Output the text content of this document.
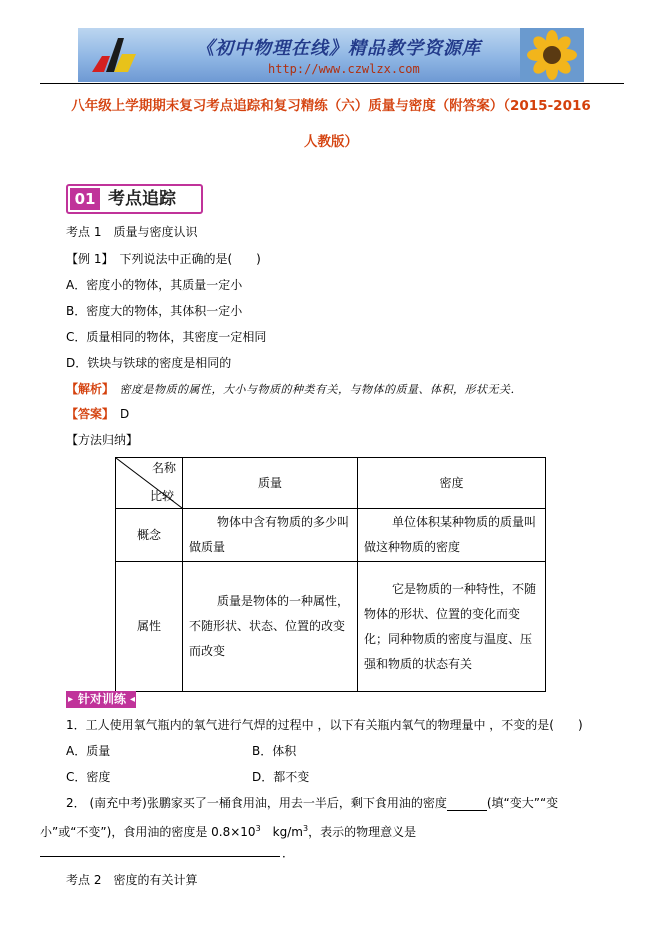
《初中物理在线》精品教学资源库
http://www.czwlzx.com
八年级上学期期末复习考点追踪和复习精练（六）质量与密度（附答案）（2015-2016
人教版）
01 考点追踪
考点 1　质量与密度认识
【例 1】　下列说法中正确的是(　　)
A．密度小的物体，其质量一定小
B．密度大的物体，其体积一定小
C．质量相同的物体，其密度一定相同
D．铁块与铁球的密度是相同的
【解析】　密度是物质的属性，大小与物质的种类有关，与物体的质量、体积，形状无关．
【答案】　D
【方法归纳】
名称
比较	质量	密度
概念	物体中含有物质的多少叫做质量	单位体积某种物质的质量叫做这种物质的密度
属性	质量是物体的一种属性，不随形状、状态、位置的改变而改变	它是物质的一种特性，不随物体的形状、位置的变化而变化；同种物质的密度与温度、压强和物质的状态有关
▸ 针对训练 ◂
1．工人使用氧气瓶内的氧气进行气焊的过程中 ，以下有关瓶内氧气的物理量中 ，不变的是(　　)
A．质量	B．体积
C．密度	D．都不变
2． (南充中考)张鹏家买了一桶食用油，用去一半后，剩下食用油的密度	(填“变大”“变
小”或“不变”)，食用油的密度是 $0.8\times 10^3$　$kg/m^3$，表示的物理意义是
．
考点 2　密度的有关计算
